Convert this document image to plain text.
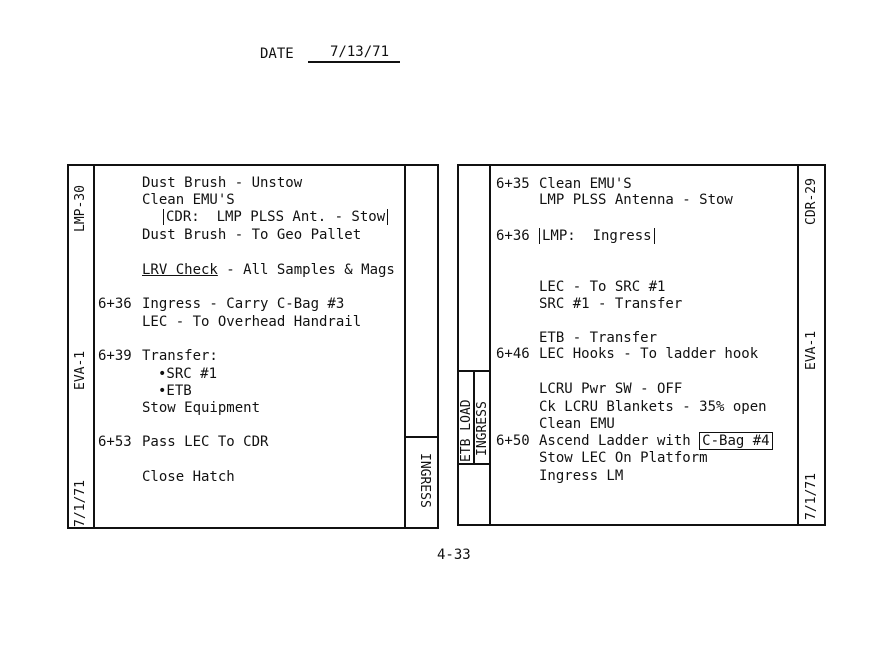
DATE	7/13/71
LMP-30
EVA-1
7/1/71	INGRESS
Dust Brush - Unstow
Clean EMU'S
CDR:  LMP PLSS Ant. - Stow
Dust Brush - To Geo Pallet
LRV Check - All Samples & Mags
6+36 Ingress - Carry C-Bag #3
LEC - To Overhead Handrail
6+39 Transfer:
•SRC #1
•ETB
Stow Equipment
6+53 Pass LEC To CDR
Close Hatch
ETB LOAD INGRESS
CDR-29
EVA-1
7/1/71
6+35 Clean EMU'S
LMP PLSS Antenna - Stow
6+36 LMP:  Ingress
LEC - To SRC #1
SRC #1 - Transfer
ETB - Transfer
6+46 LEC Hooks - To ladder hook
LCRU Pwr SW - OFF
Ck LCRU Blankets - 35% open
Clean EMU
6+50 Ascend Ladder with C-Bag #4
Stow LEC On Platform
Ingress LM
4-33
